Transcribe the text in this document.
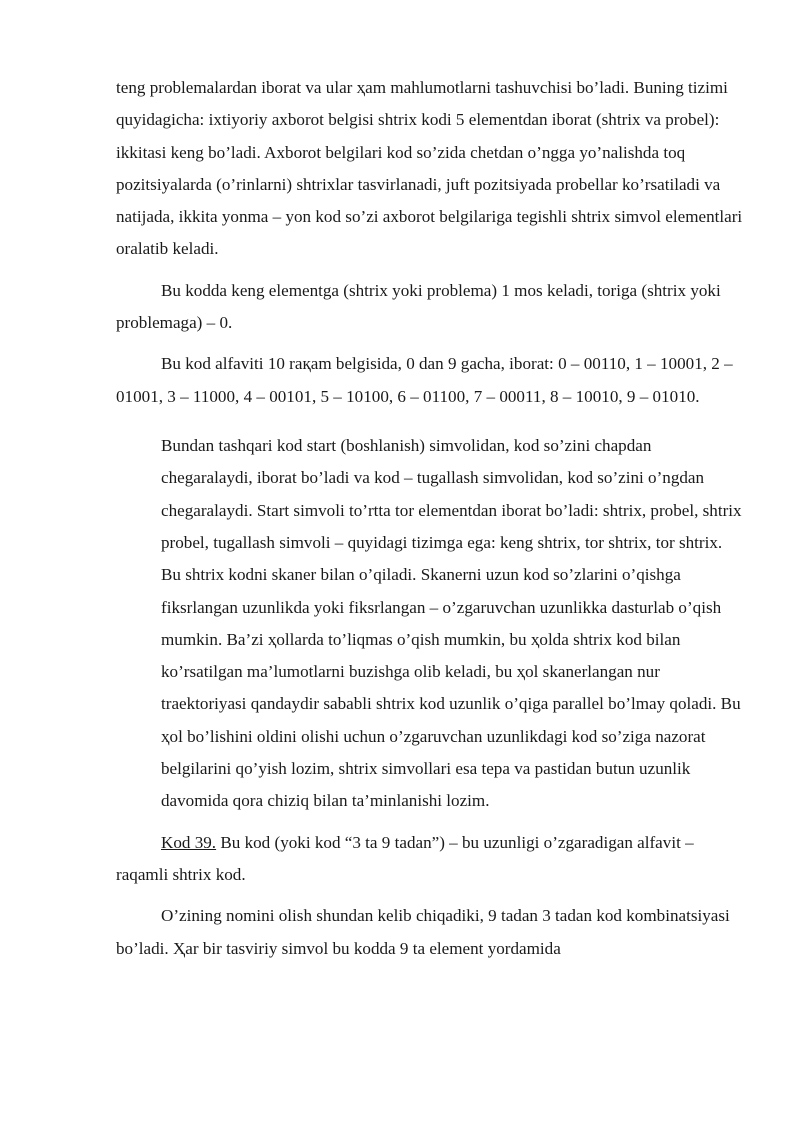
teng problemalardan iborat va ular ҳam mahlumotlarni tashuvchisi bo’ladi. Buning tizimi quyidagicha: ixtiyoriy axborot belgisi shtrix kodi 5 elementdan iborat (shtrix va probel): ikkitasi keng bo’ladi. Axborot belgilari kod so’zida chetdan o’ngga yo’nalishda toq pozitsiyalarda (o’rinlarni) shtrixlar tasvirlanadi, juft pozitsiyada probellar ko’rsatiladi va natijada, ikkita yonma – yon kod so’zi axborot belgilariga tegishli shtrix simvol elementlari oralatib keladi.

Bu kodda keng elementga (shtrix yoki problema) 1 mos keladi, toriga (shtrix yoki problemaga) – 0.

Bu kod alfaviti 10 raқam belgisida, 0 dan 9 gacha, iborat: 0 – 00110, 1 – 10001, 2 – 01001, 3 – 11000, 4 – 00101, 5 – 10100, 6 – 01100, 7 – 00011, 8 – 10010, 9 – 01010.

Bundan tashqari kod start (boshlanish) simvolidan, kod so’zini chapdan chegaralaydi, iborat bo’ladi va kod – tugallash simvolidan, kod so’zini o’ngdan chegaralaydi. Start simvoli to’rtta tor elementdan iborat bo’ladi: shtrix, probel, shtrix probel, tugallash simvoli – quyidagi tizimga ega: keng shtrix, tor shtrix, tor shtrix. Bu shtrix kodni skaner bilan o’qiladi. Skanerni uzun kod so’zlarini o’qishga fiksrlangan uzunlikda yoki fiksrlangan – o’zgaruvchan uzunlikka dasturlab o’qish mumkin. Ba’zi ҳollarda to’liqmas o’qish mumkin, bu ҳolda shtrix kod bilan ko’rsatilgan ma’lumotlarni buzishga olib keladi, bu ҳol skanerlangan nur traektoriyasi qandaydir sababli shtrix kod uzunlik o’qiga parallel bo’lmay qoladi. Bu ҳol bo’lishini oldini olishi uchun o’zgaruvchan uzunlikdagi kod so’ziga nazorat belgilarini qo’yish lozim, shtrix simvollari esa tepa va pastidan butun uzunlik davomida qora chiziq bilan ta’minlanishi lozim.

Kod 39. Bu kod (yoki kod “3 ta 9 tadan”) – bu uzunligi o’zgaradigan alfavit – raqamli shtrix kod.

O’zining nomini olish shundan kelib chiqadiki, 9 tadan 3 tadan kod kombinatsiyasi bo’ladi. Ҳar bir tasviriy simvol bu kodda 9 ta element yordamida
